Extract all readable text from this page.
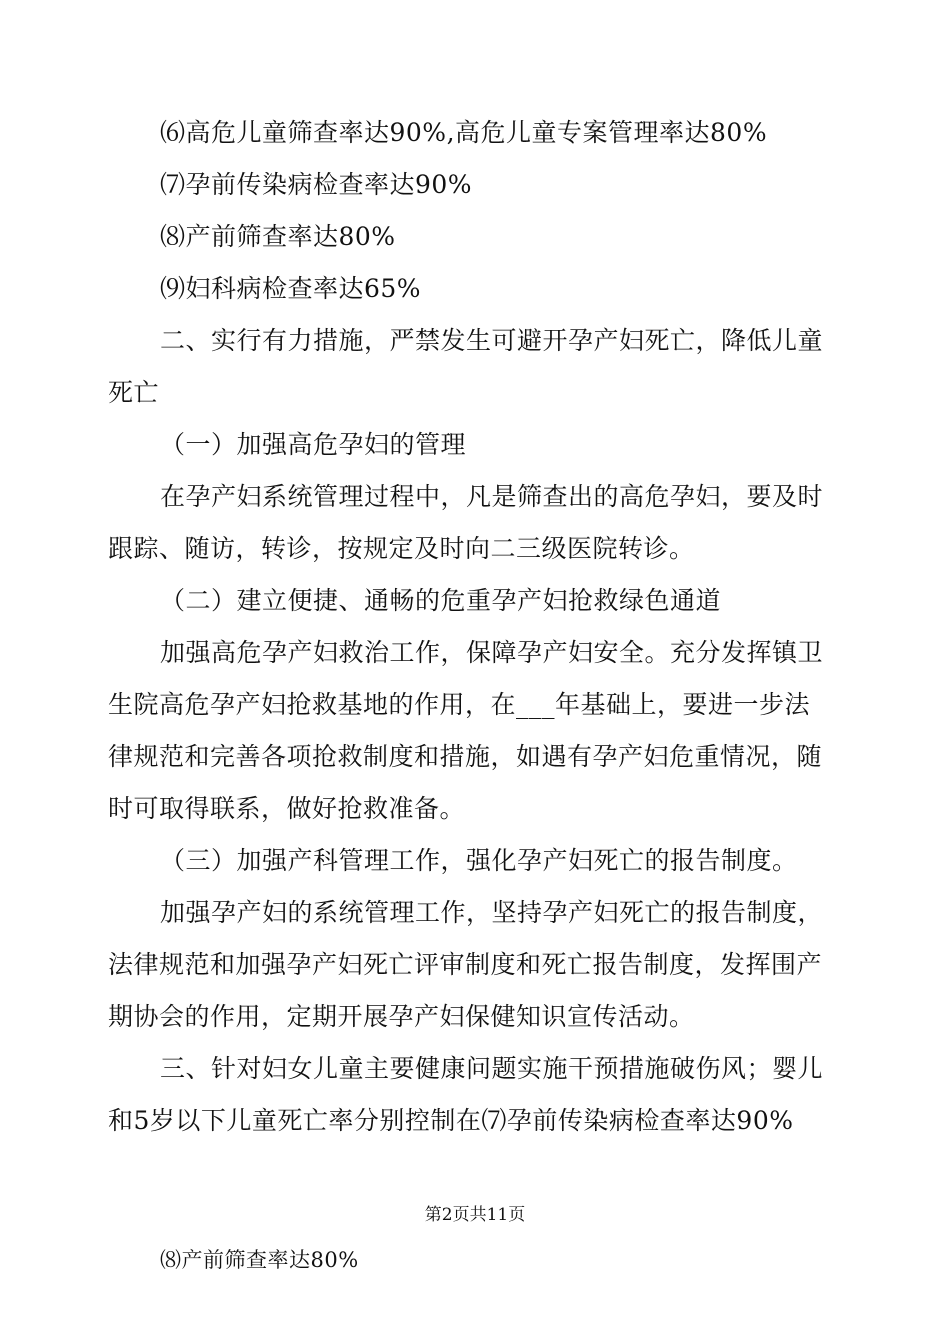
⑹高危儿童筛查率达90%,高危儿童专案管理率达80%
⑺孕前传染病检查率达90%
⑻产前筛查率达80%
⑼妇科病检查率达65%
二、实行有力措施，严禁发生可避开孕产妇死亡，降低儿童
死亡
（一）加强高危孕妇的管理
在孕产妇系统管理过程中，凡是筛查出的高危孕妇，要及时
跟踪、随访，转诊，按规定及时向二三级医院转诊。
（二）建立便捷、通畅的危重孕产妇抢救绿色通道
加强高危孕产妇救治工作，保障孕产妇安全。充分发挥镇卫
生院高危孕产妇抢救基地的作用，在___年基础上，要进一步法
律规范和完善各项抢救制度和措施，如遇有孕产妇危重情况，随
时可取得联系，做好抢救准备。
（三）加强产科管理工作，强化孕产妇死亡的报告制度。
加强孕产妇的系统管理工作，坚持孕产妇死亡的报告制度，
法律规范和加强孕产妇死亡评审制度和死亡报告制度，发挥围产
期协会的作用，定期开展孕产妇保健知识宣传活动。
三、针对妇女儿童主要健康问题实施干预措施破伤风；婴儿
和5岁以下儿童死亡率分别控制在⑺孕前传染病检查率达90%
第2页共11页
⑻产前筛查率达80%
